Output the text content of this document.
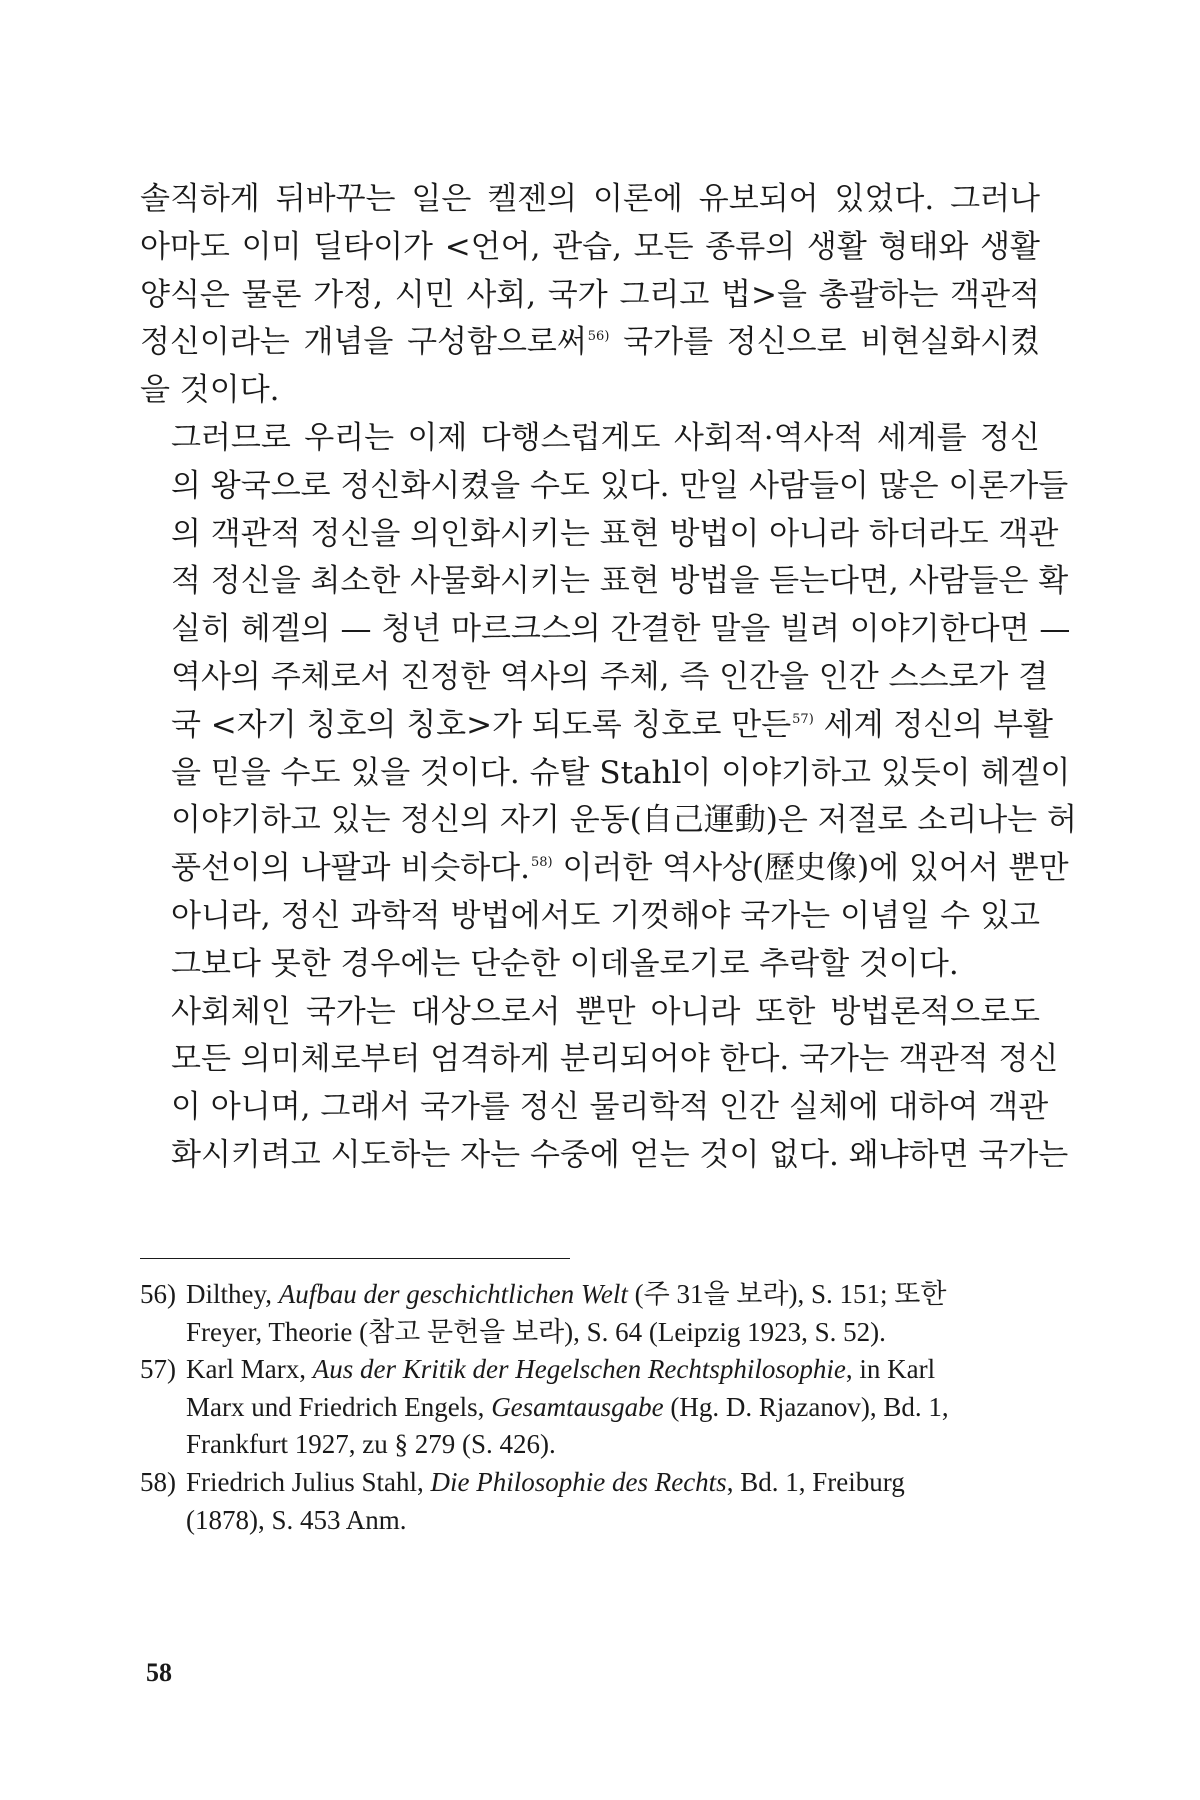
솔직하게 뒤바꾸는 일은 켈젠의 이론에 유보되어 있었다. 그러나
아마도 이미 딜타이가 <언어, 관습, 모든 종류의 생활 형태와 생활
양식은 물론 가정, 시민 사회, 국가 그리고 법>을 총괄하는 객관적
정신이라는 개념을 구성함으로써$^{56)}$ 국가를 정신으로 비현실화시켰
을 것이다.
그러므로 우리는 이제 다행스럽게도 사회적·역사적 세계를 정신
의 왕국으로 정신화시켰을 수도 있다. 만일 사람들이 많은 이론가들
의 객관적 정신을 의인화시키는 표현 방법이 아니라 하더라도 객관
적 정신을 최소한 사물화시키는 표현 방법을 듣는다면, 사람들은 확
실히 헤겔의 — 청년 마르크스의 간결한 말을 빌려 이야기한다면 —
역사의 주체로서 진정한 역사의 주체, 즉 인간을 인간 스스로가 결
국 <자기 칭호의 칭호>가 되도록 칭호로 만든$^{57)}$ 세계 정신의 부활
을 믿을 수도 있을 것이다. 슈탈 Stahl이 이야기하고 있듯이 헤겔이
이야기하고 있는 정신의 자기 운동(自己運動)은 저절로 소리나는 허
풍선이의 나팔과 비슷하다.$^{58)}$ 이러한 역사상(歷史像)에 있어서 뿐만
아니라, 정신 과학적 방법에서도 기껏해야 국가는 이념일 수 있고
그보다 못한 경우에는 단순한 이데올로기로 추락할 것이다.
사회체인 국가는 대상으로서 뿐만 아니라 또한 방법론적으로도
모든 의미체로부터 엄격하게 분리되어야 한다. 국가는 객관적 정신
이 아니며, 그래서 국가를 정신 물리학적 인간 실체에 대하여 객관
화시키려고 시도하는 자는 수중에 얻는 것이 없다. 왜냐하면 국가는
56) Dilthey, Aufbau der geschichtlichen Welt (주 31을 보라), S. 151; 또한
Freyer, Theorie (참고 문헌을 보라), S. 64 (Leipzig 1923, S. 52).
57) Karl Marx, Aus der Kritik der Hegelschen Rechtsphilosophie, in Karl
Marx und Friedrich Engels, Gesamtausgabe (Hg. D. Rjazanov), Bd. 1,
Frankfurt 1927, zu § 279 (S. 426).
58) Friedrich Julius Stahl, Die Philosophie des Rechts, Bd. 1, Freiburg
(1878), S. 453 Anm.
58
